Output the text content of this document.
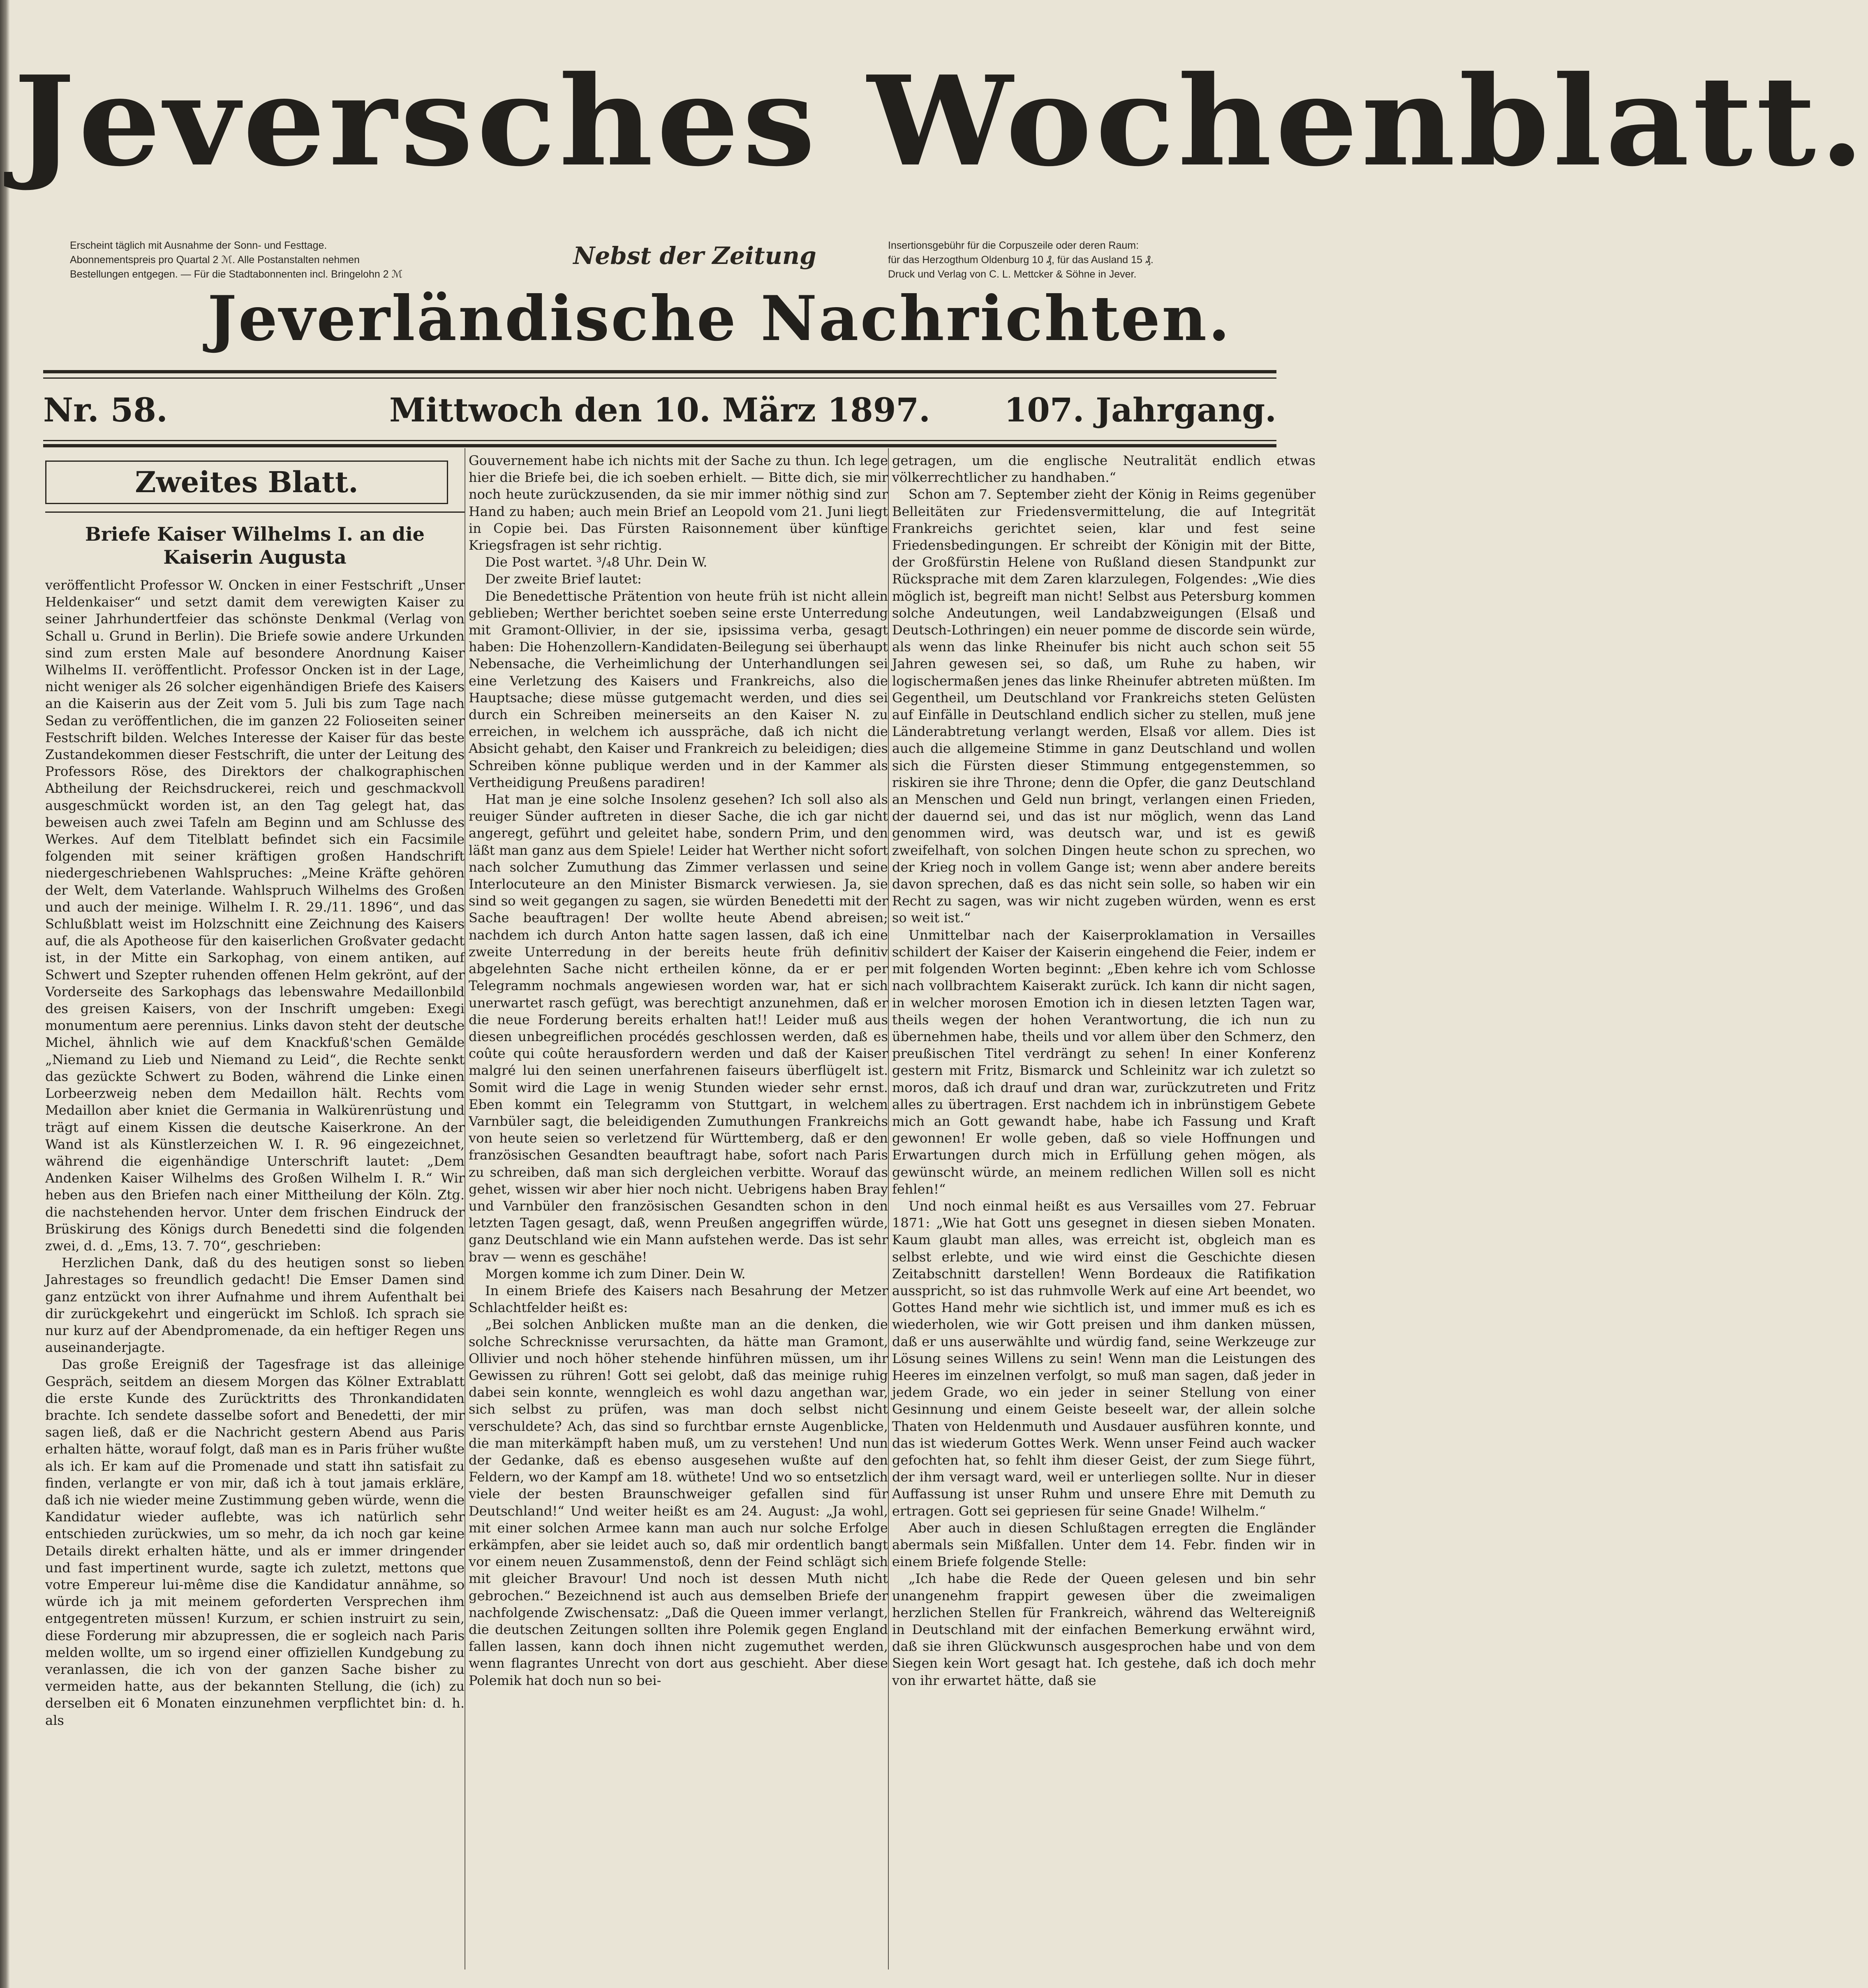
Jeversches Wochenblatt.
Erscheint täglich mit Ausnahme der Sonn- und Festtage.
Abonnementspreis pro Quartal 2 ℳ. Alle Postanstalten nehmen
Bestellungen entgegen. — Für die Stadtabonnenten incl. Bringelohn 2 ℳ
Nebst der Zeitung	Insertionsgebühr für die Corpuszeile oder deren Raum:
für das Herzogthum Oldenburg 10 ₰, für das Ausland 15 ₰.
Druck und Verlag von C. L. Mettcker & Söhne in Jever.
Jeverländische Nachrichten.
Nr. 58.	Mittwoch den 10. März 1897.	107. Jahrgang.
Zweites Blatt.
Briefe Kaiser Wilhelms I. an die Kaiserin Augusta

veröffentlicht Professor W. Oncken in einer Festschrift „Unser Heldenkaiser“ und setzt damit dem verewigten Kaiser zu seiner Jahrhundertfeier das schönste Denkmal (Verlag von Schall u. Grund in Berlin). Die Briefe sowie andere Urkunden sind zum ersten Male auf besondere Anordnung Kaiser Wilhelms II. veröffentlicht. Professor Oncken ist in der Lage, nicht weniger als 26 solcher eigenhändigen Briefe des Kaisers an die Kaiserin aus der Zeit vom 5. Juli bis zum Tage nach Sedan zu veröffentlichen, die im ganzen 22 Folioseiten seiner Festschrift bilden. Welches Interesse der Kaiser für das beste Zustandekommen dieser Festschrift, die unter der Leitung des Professors Röse, des Direktors der chalkographischen Abtheilung der Reichsdruckerei, reich und geschmackvoll ausgeschmückt worden ist, an den Tag gelegt hat, das beweisen auch zwei Tafeln am Beginn und am Schlusse des Werkes. Auf dem Titelblatt befindet sich ein Facsimile folgenden mit seiner kräftigen großen Handschrift niedergeschriebenen Wahlspruches: „Meine Kräfte gehören der Welt, dem Vaterlande. Wahlspruch Wilhelms des Großen und auch der meinige. Wilhelm I. R. 29./11. 1896“, und das Schlußblatt weist im Holzschnitt eine Zeichnung des Kaisers auf, die als Apotheose für den kaiserlichen Großvater gedacht ist, in der Mitte ein Sarkophag, von einem antiken, auf Schwert und Szepter ruhenden offenen Helm gekrönt, auf der Vorderseite des Sarkophags das lebenswahre Medaillonbild des greisen Kaisers, von der Inschrift umgeben: Exegi monumentum aere perennius. Links davon steht der deutsche Michel, ähnlich wie auf dem Knackfuß'schen Gemälde „Niemand zu Lieb und Niemand zu Leid“, die Rechte senkt das gezückte Schwert zu Boden, während die Linke einen Lorbeerzweig neben dem Medaillon hält. Rechts vom Medaillon aber kniet die Germania in Walkürenrüstung und trägt auf einem Kissen die deutsche Kaiserkrone. An der Wand ist als Künstlerzeichen W. I. R. 96 eingezeichnet, während die eigenhändige Unterschrift lautet: „Dem Andenken Kaiser Wilhelms des Großen Wilhelm I. R.“ Wir heben aus den Briefen nach einer Mittheilung der Köln. Ztg. die nachstehenden hervor. Unter dem frischen Eindruck der Brüskirung des Königs durch Benedetti sind die folgenden zwei, d. d. „Ems, 13. 7. 70“, geschrieben:

Herzlichen Dank, daß du des heutigen sonst so lieben Jahrestages so freundlich gedacht! Die Emser Damen sind ganz entzückt von ihrer Aufnahme und ihrem Aufenthalt bei dir zurückgekehrt und eingerückt im Schloß. Ich sprach sie nur kurz auf der Abendpromenade, da ein heftiger Regen uns auseinanderjagte.

Das große Ereigniß der Tagesfrage ist das alleinige Gespräch, seitdem an diesem Morgen das Kölner Extrablatt die erste Kunde des Zurücktritts des Thronkandidaten brachte. Ich sendete dasselbe sofort and Benedetti, der mir sagen ließ, daß er die Nachricht gestern Abend aus Paris erhalten hätte, worauf folgt, daß man es in Paris früher wußte als ich. Er kam auf die Promenade und statt ihn satisfait zu finden, verlangte er von mir, daß ich à tout jamais erkläre, daß ich nie wieder meine Zustimmung geben würde, wenn die Kandidatur wieder auflebte, was ich natürlich sehr entschieden zurückwies, um so mehr, da ich noch gar keine Details direkt erhalten hätte, und als er immer dringender und fast impertinent wurde, sagte ich zuletzt, mettons que votre Empereur lui-même dise die Kandidatur annähme, so würde ich ja mit meinem geforderten Versprechen ihm entgegentreten müssen! Kurzum, er schien instruirt zu sein, diese Forderung mir abzupressen, die er sogleich nach Paris melden wollte, um so irgend einer offiziellen Kundgebung zu veranlassen, die ich von der ganzen Sache bisher zu vermeiden hatte, aus der bekannten Stellung, die (ich) zu derselben eit 6 Monaten einzunehmen verpflichtet bin: d. h. als

Gouvernement habe ich nichts mit der Sache zu thun. Ich lege hier die Briefe bei, die ich soeben erhielt. — Bitte dich, sie mir noch heute zurückzusenden, da sie mir immer nöthig sind zur Hand zu haben; auch mein Brief an Leopold vom 21. Juni liegt in Copie bei. Das Fürsten Raisonnement über künftige Kriegsfragen ist sehr richtig.

Die Post wartet. ³/₄8 Uhr. Dein W.

Der zweite Brief lautet:

Die Benedettische Prätention von heute früh ist nicht allein geblieben; Werther berichtet soeben seine erste Unterredung mit Gramont-Ollivier, in der sie, ipsissima verba, gesagt haben: Die Hohenzollern-Kandidaten-Beilegung sei überhaupt Nebensache, die Verheimlichung der Unterhandlungen sei eine Verletzung des Kaisers und Frankreichs, also die Hauptsache; diese müsse gutgemacht werden, und dies sei durch ein Schreiben meinerseits an den Kaiser N. zu erreichen, in welchem ich ausspräche, daß ich nicht die Absicht gehabt, den Kaiser und Frankreich zu beleidigen; dies Schreiben könne publique werden und in der Kammer als Vertheidigung Preußens paradiren!

Hat man je eine solche Insolenz gesehen? Ich soll also als reuiger Sünder auftreten in dieser Sache, die ich gar nicht angeregt, geführt und geleitet habe, sondern Prim, und den läßt man ganz aus dem Spiele! Leider hat Werther nicht sofort nach solcher Zumuthung das Zimmer verlassen und seine Interlocuteure an den Minister Bismarck verwiesen. Ja, sie sind so weit gegangen zu sagen, sie würden Benedetti mit der Sache beauftragen! Der wollte heute Abend abreisen; nachdem ich durch Anton hatte sagen lassen, daß ich eine zweite Unterredung in der bereits heute früh definitiv abgelehnten Sache nicht ertheilen könne, da er er per Telegramm nochmals angewiesen worden war, hat er sich unerwartet rasch gefügt, was berechtigt anzunehmen, daß er die neue Forderung bereits erhalten hat!! Leider muß aus diesen unbegreiflichen procédés geschlossen werden, daß es coûte qui coûte herausfordern werden und daß der Kaiser malgré lui den seinen unerfahrenen faiseurs überflügelt ist. Somit wird die Lage in wenig Stunden wieder sehr ernst. Eben kommt ein Telegramm von Stuttgart, in welchem Varnbüler sagt, die beleidigenden Zumuthungen Frankreichs von heute seien so verletzend für Württemberg, daß er den französischen Gesandten beauftragt habe, sofort nach Paris zu schreiben, daß man sich dergleichen verbitte. Worauf das gehet, wissen wir aber hier noch nicht. Uebrigens haben Bray und Varnbüler den französischen Gesandten schon in den letzten Tagen gesagt, daß, wenn Preußen angegriffen würde, ganz Deutschland wie ein Mann aufstehen werde. Das ist sehr brav — wenn es geschähe!

Morgen komme ich zum Diner. Dein W.

In einem Briefe des Kaisers nach Besahrung der Metzer Schlachtfelder heißt es:

„Bei solchen Anblicken mußte man an die denken, die solche Schrecknisse verursachten, da hätte man Gramont, Ollivier und noch höher stehende hinführen müssen, um ihr Gewissen zu rühren! Gott sei gelobt, daß das meinige ruhig dabei sein konnte, wenngleich es wohl dazu angethan war, sich selbst zu prüfen, was man doch selbst nicht verschuldete? Ach, das sind so furchtbar ernste Augenblicke, die man miterkämpft haben muß, um zu verstehen! Und nun der Gedanke, daß es ebenso ausgesehen wußte auf den Feldern, wo der Kampf am 18. wüthete! Und wo so entsetzlich viele der besten Braunschweiger gefallen sind für Deutschland!“ Und weiter heißt es am 24. August: „Ja wohl, mit einer solchen Armee kann man auch nur solche Erfolge erkämpfen, aber sie leidet auch so, daß mir ordentlich bangt vor einem neuen Zusammenstoß, denn der Feind schlägt sich mit gleicher Bravour! Und noch ist dessen Muth nicht gebrochen.“ Bezeichnend ist auch aus demselben Briefe der nachfolgende Zwischensatz: „Daß die Queen immer verlangt, die deutschen Zeitungen sollten ihre Polemik gegen England fallen lassen, kann doch ihnen nicht zugemuthet werden, wenn flagrantes Unrecht von dort aus geschieht. Aber diese Polemik hat doch nun so bei-

getragen, um die englische Neutralität endlich etwas völkerrechtlicher zu handhaben.“

Schon am 7. September zieht der König in Reims gegenüber Belleitäten zur Friedensvermittelung, die auf Integrität Frankreichs gerichtet seien, klar und fest seine Friedensbedingungen. Er schreibt der Königin mit der Bitte, der Großfürstin Helene von Rußland diesen Standpunkt zur Rücksprache mit dem Zaren klarzulegen, Folgendes: „Wie dies möglich ist, begreift man nicht! Selbst aus Petersburg kommen solche Andeutungen, weil Landabzweigungen (Elsaß und Deutsch-Lothringen) ein neuer pomme de discorde sein würde, als wenn das linke Rheinufer bis nicht auch schon seit 55 Jahren gewesen sei, so daß, um Ruhe zu haben, wir logischermaßen jenes das linke Rheinufer abtreten müßten. Im Gegentheil, um Deutschland vor Frankreichs steten Gelüsten auf Einfälle in Deutschland endlich sicher zu stellen, muß jene Länderabtretung verlangt werden, Elsaß vor allem. Dies ist auch die allgemeine Stimme in ganz Deutschland und wollen sich die Fürsten dieser Stimmung entgegenstemmen, so riskiren sie ihre Throne; denn die Opfer, die ganz Deutschland an Menschen und Geld nun bringt, verlangen einen Frieden, der dauernd sei, und das ist nur möglich, wenn das Land genommen wird, was deutsch war, und ist es gewiß zweifelhaft, von solchen Dingen heute schon zu sprechen, wo der Krieg noch in vollem Gange ist; wenn aber andere bereits davon sprechen, daß es das nicht sein solle, so haben wir ein Recht zu sagen, was wir nicht zugeben würden, wenn es erst so weit ist.“

Unmittelbar nach der Kaiserproklamation in Versailles schildert der Kaiser der Kaiserin eingehend die Feier, indem er mit folgenden Worten beginnt: „Eben kehre ich vom Schlosse nach vollbrachtem Kaiserakt zurück. Ich kann dir nicht sagen, in welcher morosen Emotion ich in diesen letzten Tagen war, theils wegen der hohen Verantwortung, die ich nun zu übernehmen habe, theils und vor allem über den Schmerz, den preußischen Titel verdrängt zu sehen! In einer Konferenz gestern mit Fritz, Bismarck und Schleinitz war ich zuletzt so moros, daß ich drauf und dran war, zurückzutreten und Fritz alles zu übertragen. Erst nachdem ich in inbrünstigem Gebete mich an Gott gewandt habe, habe ich Fassung und Kraft gewonnen! Er wolle geben, daß so viele Hoffnungen und Erwartungen durch mich in Erfüllung gehen mögen, als gewünscht würde, an meinem redlichen Willen soll es nicht fehlen!“

Und noch einmal heißt es aus Versailles vom 27. Februar 1871: „Wie hat Gott uns gesegnet in diesen sieben Monaten. Kaum glaubt man alles, was erreicht ist, obgleich man es selbst erlebte, und wie wird einst die Geschichte diesen Zeitabschnitt darstellen! Wenn Bordeaux die Ratifikation ausspricht, so ist das ruhmvolle Werk auf eine Art beendet, wo Gottes Hand mehr wie sichtlich ist, und immer muß es ich es wiederholen, wie wir Gott preisen und ihm danken müssen, daß er uns auserwählte und würdig fand, seine Werkzeuge zur Lösung seines Willens zu sein! Wenn man die Leistungen des Heeres im einzelnen verfolgt, so muß man sagen, daß jeder in jedem Grade, wo ein jeder in seiner Stellung von einer Gesinnung und einem Geiste beseelt war, der allein solche Thaten von Heldenmuth und Ausdauer ausführen konnte, und das ist wiederum Gottes Werk. Wenn unser Feind auch wacker gefochten hat, so fehlt ihm dieser Geist, der zum Siege führt, der ihm versagt ward, weil er unterliegen sollte. Nur in dieser Auffassung ist unser Ruhm und unsere Ehre mit Demuth zu ertragen. Gott sei gepriesen für seine Gnade! Wilhelm.“

Aber auch in diesen Schlußtagen erregten die Engländer abermals sein Mißfallen. Unter dem 14. Febr. finden wir in einem Briefe folgende Stelle:

„Ich habe die Rede der Queen gelesen und bin sehr unangenehm frappirt gewesen über die zweimaligen herzlichen Stellen für Frankreich, während das Weltereigniß in Deutschland mit der einfachen Bemerkung erwähnt wird, daß sie ihren Glückwunsch ausgesprochen habe und von dem Siegen kein Wort gesagt hat. Ich gestehe, daß ich doch mehr von ihr erwartet hätte, daß sie
